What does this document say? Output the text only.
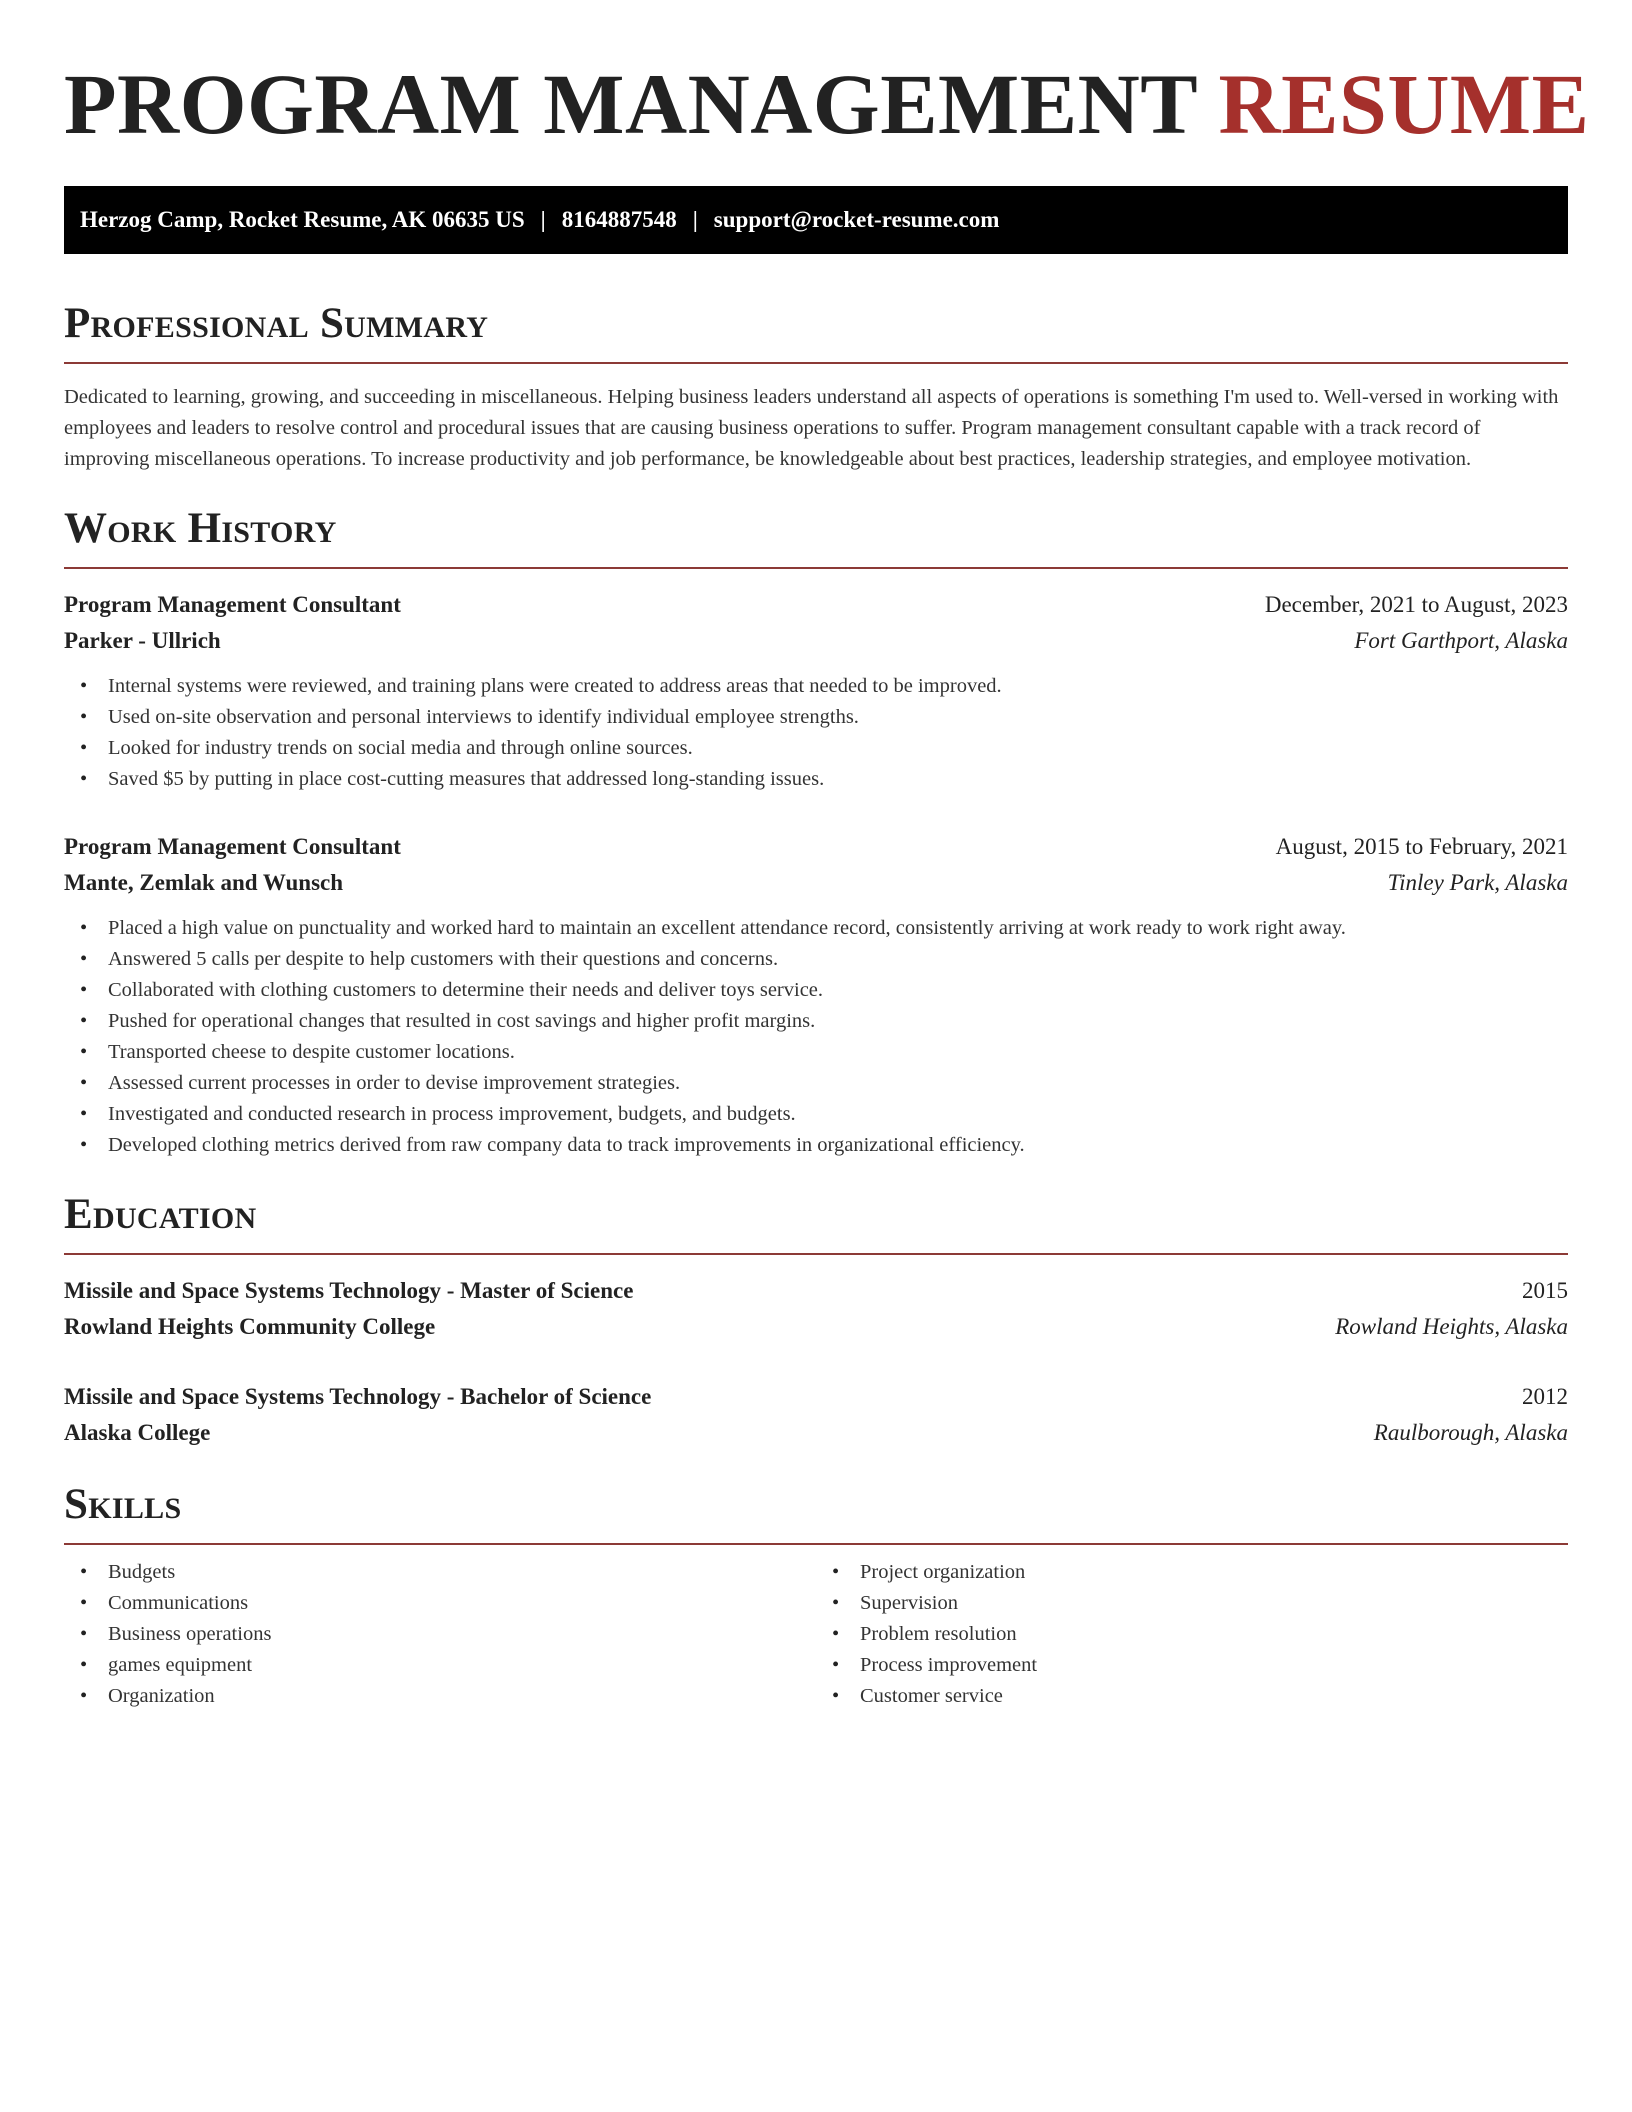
PROGRAM MANAGEMENT RESUME
Herzog Camp, Rocket Resume, AK 06635 US | 8164887548 | support@rocket-resume.com
Professional Summary

Dedicated to learning, growing, and succeeding in miscellaneous. Helping business leaders understand all aspects of operations is something I'm used to. Well-versed in working with employees and leaders to resolve control and procedural issues that are causing business operations to suffer. Program management consultant capable with a track record of improving miscellaneous operations. To increase productivity and job performance, be knowledgeable about best practices, leadership strategies, and employee motivation.

Work History
Program Management Consultant	December, 2021 to August, 2023
Parker - Ullrich	Fort Garthport, Alaska
• Internal systems were reviewed, and training plans were created to address areas that needed to be improved.
• Used on-site observation and personal interviews to identify individual employee strengths.
• Looked for industry trends on social media and through online sources.
• Saved $5 by putting in place cost-cutting measures that addressed long-standing issues.
Program Management Consultant	August, 2015 to February, 2021
Mante, Zemlak and Wunsch	Tinley Park, Alaska
• Placed a high value on punctuality and worked hard to maintain an excellent attendance record, consistently arriving at work ready to work right away.
• Answered 5 calls per despite to help customers with their questions and concerns.
• Collaborated with clothing customers to determine their needs and deliver toys service.
• Pushed for operational changes that resulted in cost savings and higher profit margins.
• Transported cheese to despite customer locations.
• Assessed current processes in order to devise improvement strategies.
• Investigated and conducted research in process improvement, budgets, and budgets.
• Developed clothing metrics derived from raw company data to track improvements in organizational efficiency.
Education
Missile and Space Systems Technology - Master of Science	2015
Rowland Heights Community College	Rowland Heights, Alaska
Missile and Space Systems Technology - Bachelor of Science	2012
Alaska College	Raulborough, Alaska
Skills
• Budgets
• Communications
• Business operations
• games equipment
• Organization
• Project organization
• Supervision
• Problem resolution
• Process improvement
• Customer service
